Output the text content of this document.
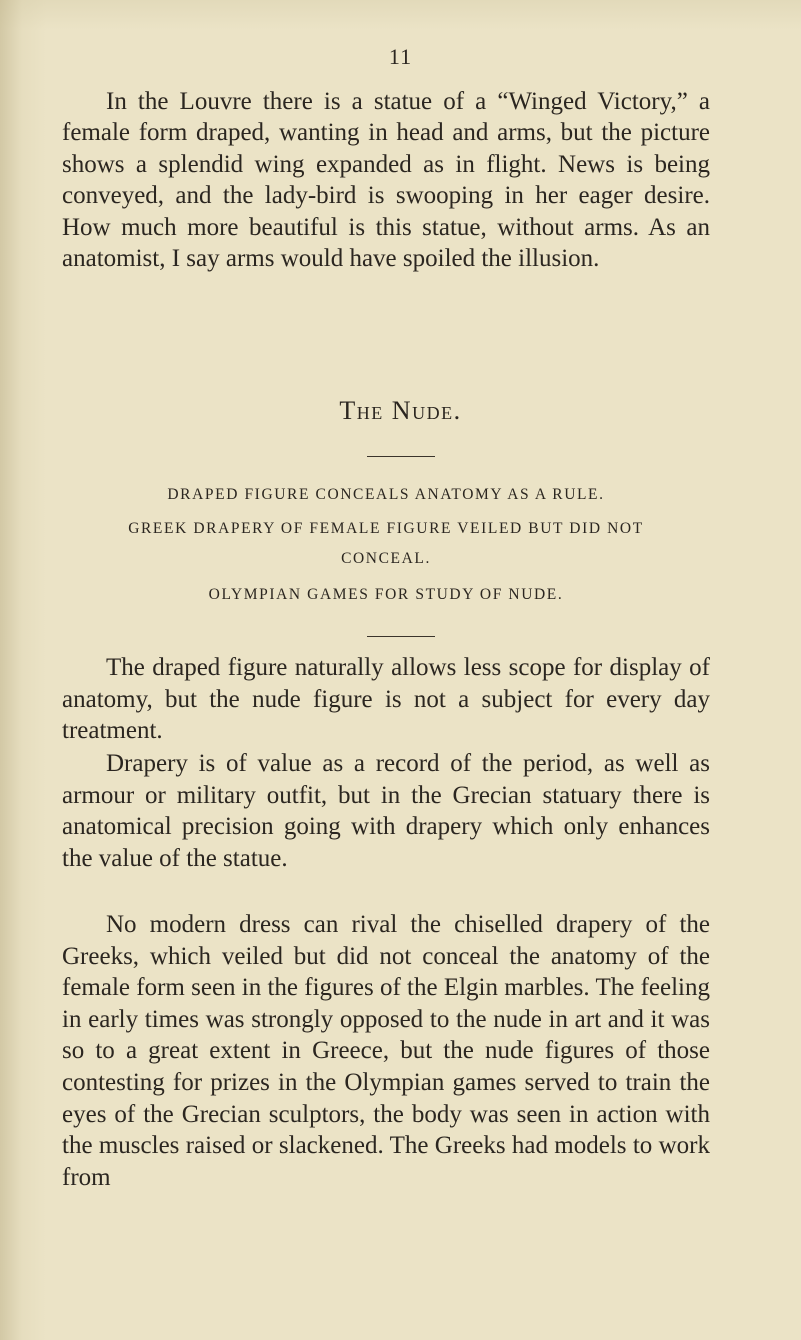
11

In the Louvre there is a statue of a “Winged Victory,” a female form draped, wanting in head and arms, but the picture shows a splendid wing expanded as in flight. News is being conveyed, and the lady-bird is swooping in her eager desire. How much more beautiful is this statue, without arms. As an anatomist, I say arms would have spoiled the illusion.

The Nude.

DRAPED FIGURE CONCEALS ANATOMY AS A RULE.

GREEK DRAPERY OF FEMALE FIGURE VEILED BUT DID NOT CONCEAL.

OLYMPIAN GAMES FOR STUDY OF NUDE.

The draped figure naturally allows less scope for display of anatomy, but the nude figure is not a subject for every day treatment.

Drapery is of value as a record of the period, as well as armour or military outfit, but in the Grecian statuary there is anatomical precision going with drapery which only enhances the value of the statue.

No modern dress can rival the chiselled drapery of the Greeks, which veiled but did not conceal the anatomy of the female form seen in the figures of the Elgin marbles. The feeling in early times was strongly opposed to the nude in art and it was so to a great extent in Greece, but the nude figures of those contesting for prizes in the Olympian games served to train the eyes of the Grecian sculptors, the body was seen in action with the muscles raised or slackened. The Greeks had models to work from
